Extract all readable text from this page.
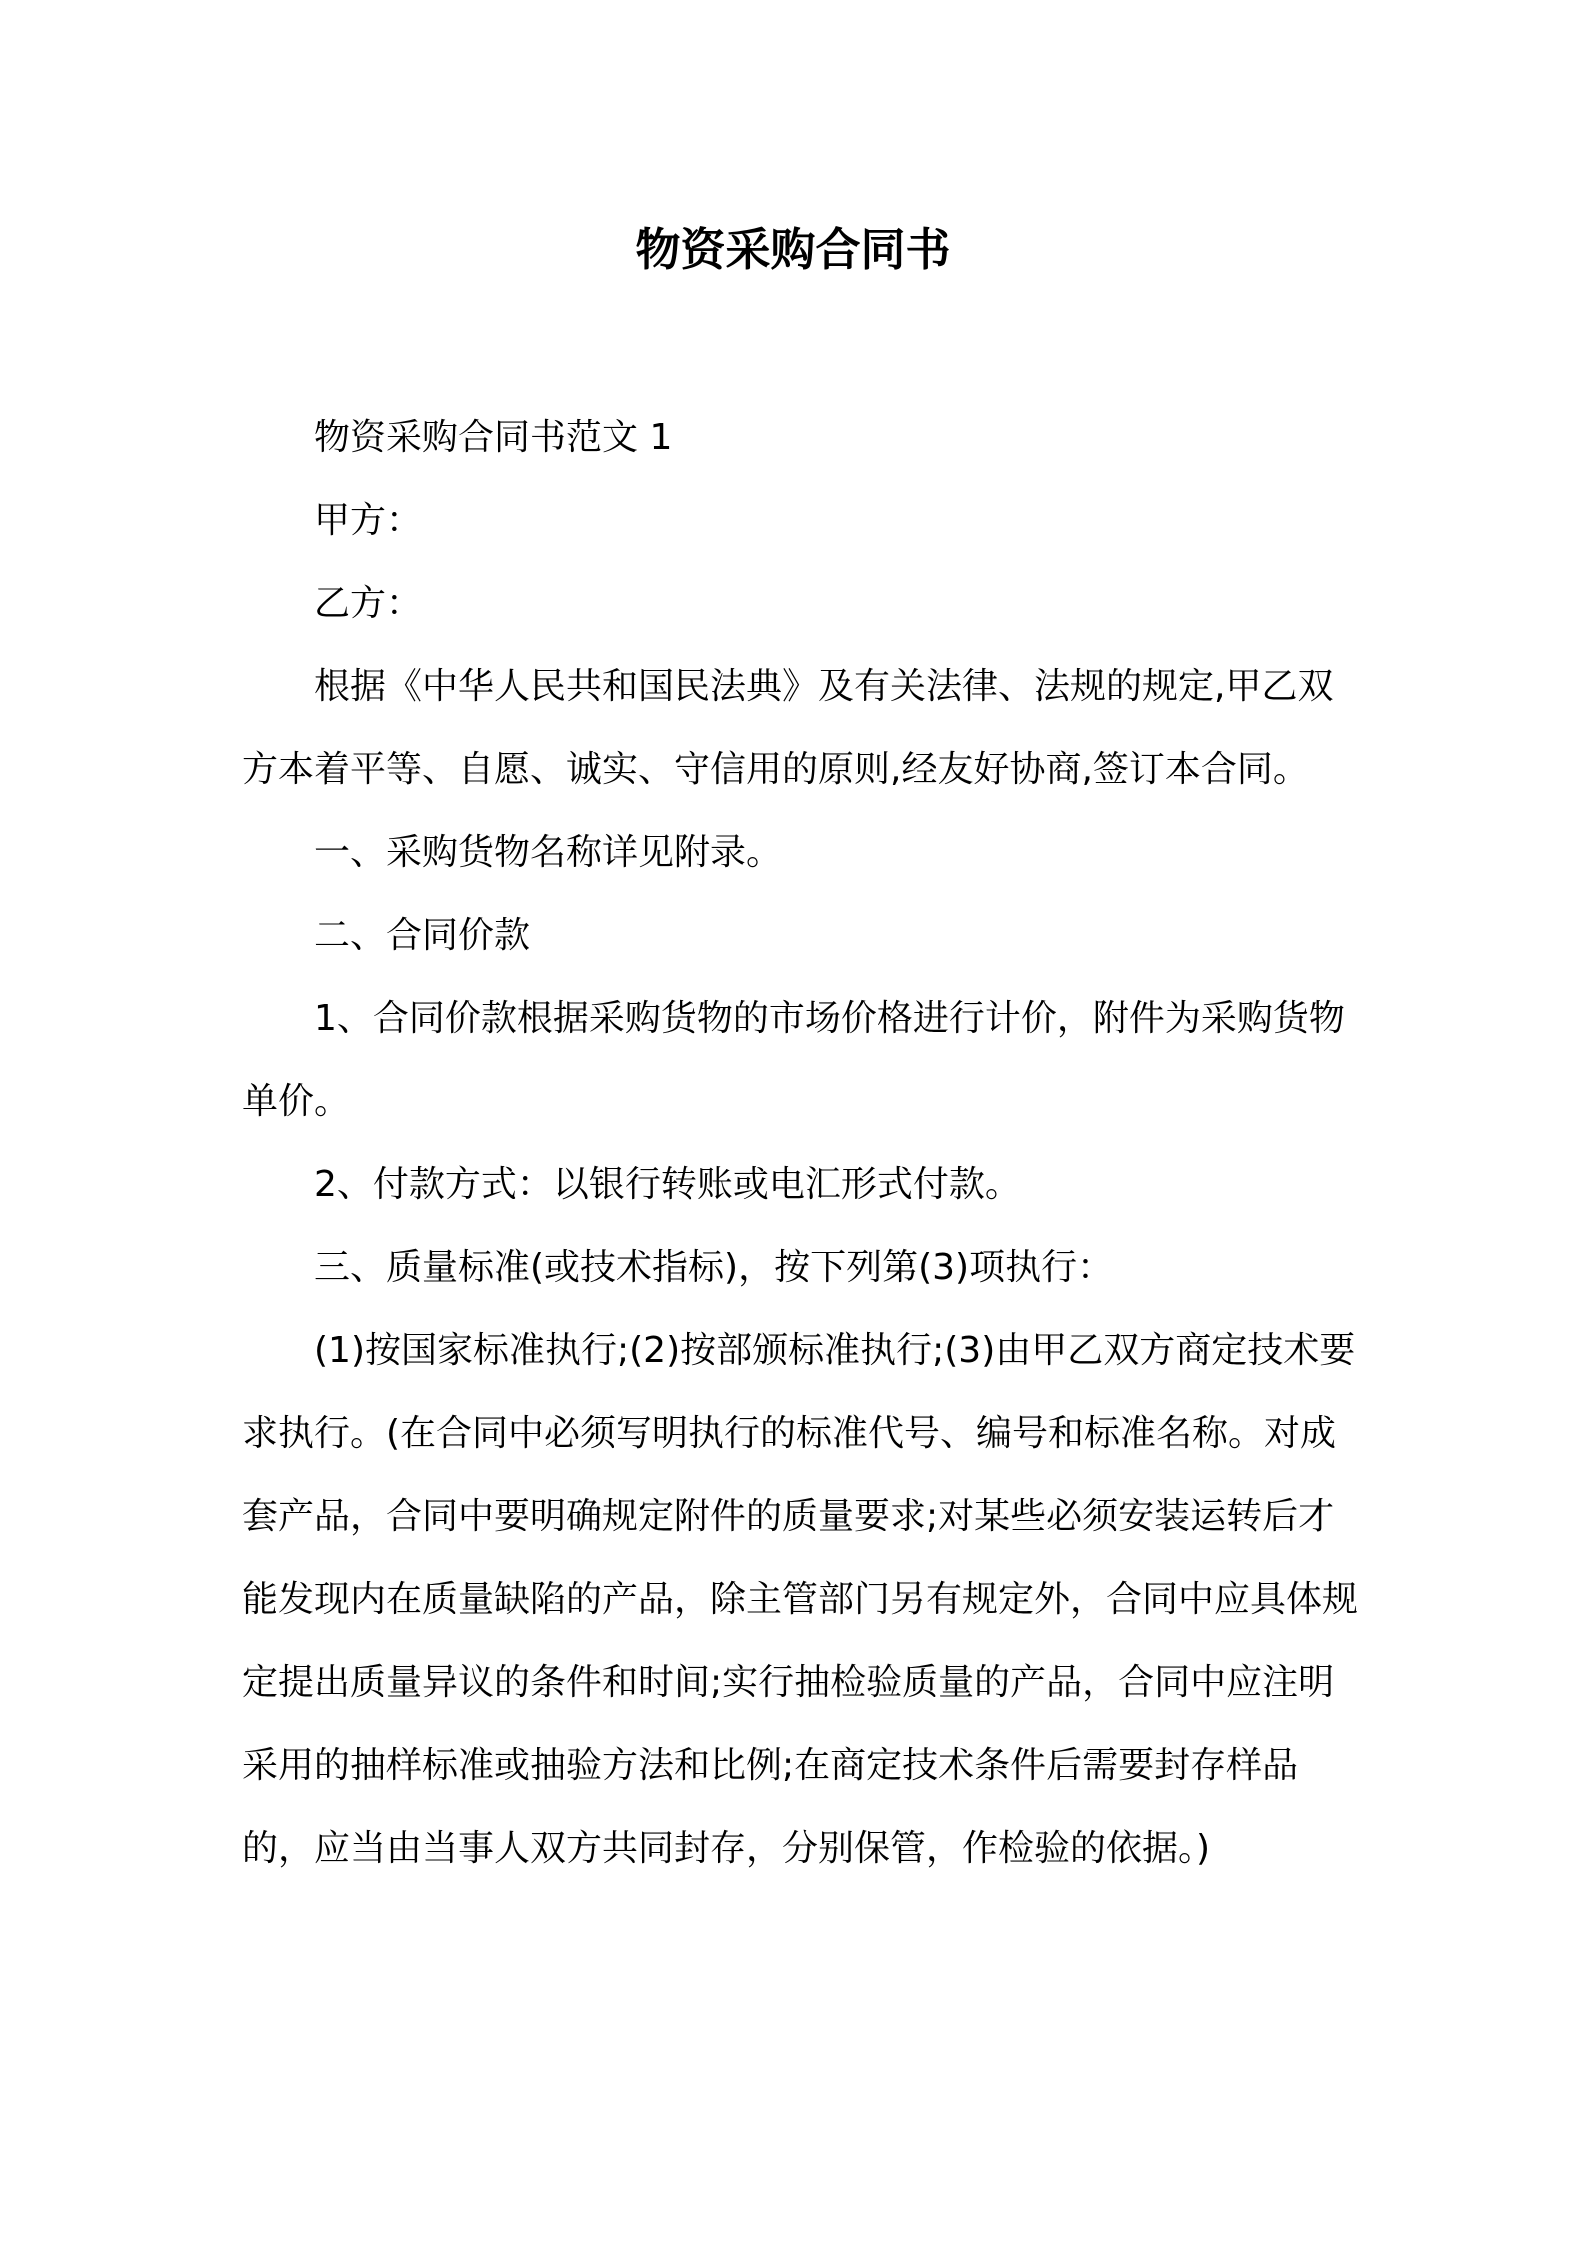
物资采购合同书

物资采购合同书范文 1

甲方：

乙方：

根据《中华人民共和国民法典》及有关法律、法规的规定,甲乙双方本着平等、自愿、诚实、守信用的原则,经友好协商,签订本合同。

一、采购货物名称详见附录。

二、合同价款

1、合同价款根据采购货物的市场价格进行计价，附件为采购货物单价。

2、付款方式：以银行转账或电汇形式付款。

三、质量标准(或技术指标)，按下列第(3)项执行：

(1)按国家标准执行;(2)按部颁标准执行;(3)由甲乙双方商定技术要求执行。(在合同中必须写明执行的标准代号、编号和标准名称。对成套产品，合同中要明确规定附件的质量要求;对某些必须安装运转后才能发现内在质量缺陷的产品，除主管部门另有规定外，合同中应具体规定提出质量异议的条件和时间;实行抽检验质量的产品，合同中应注明采用的抽样标准或抽验方法和比例;在商定技术条件后需要封存样品的，应当由当事人双方共同封存，分别保管，作检验的依据。)
